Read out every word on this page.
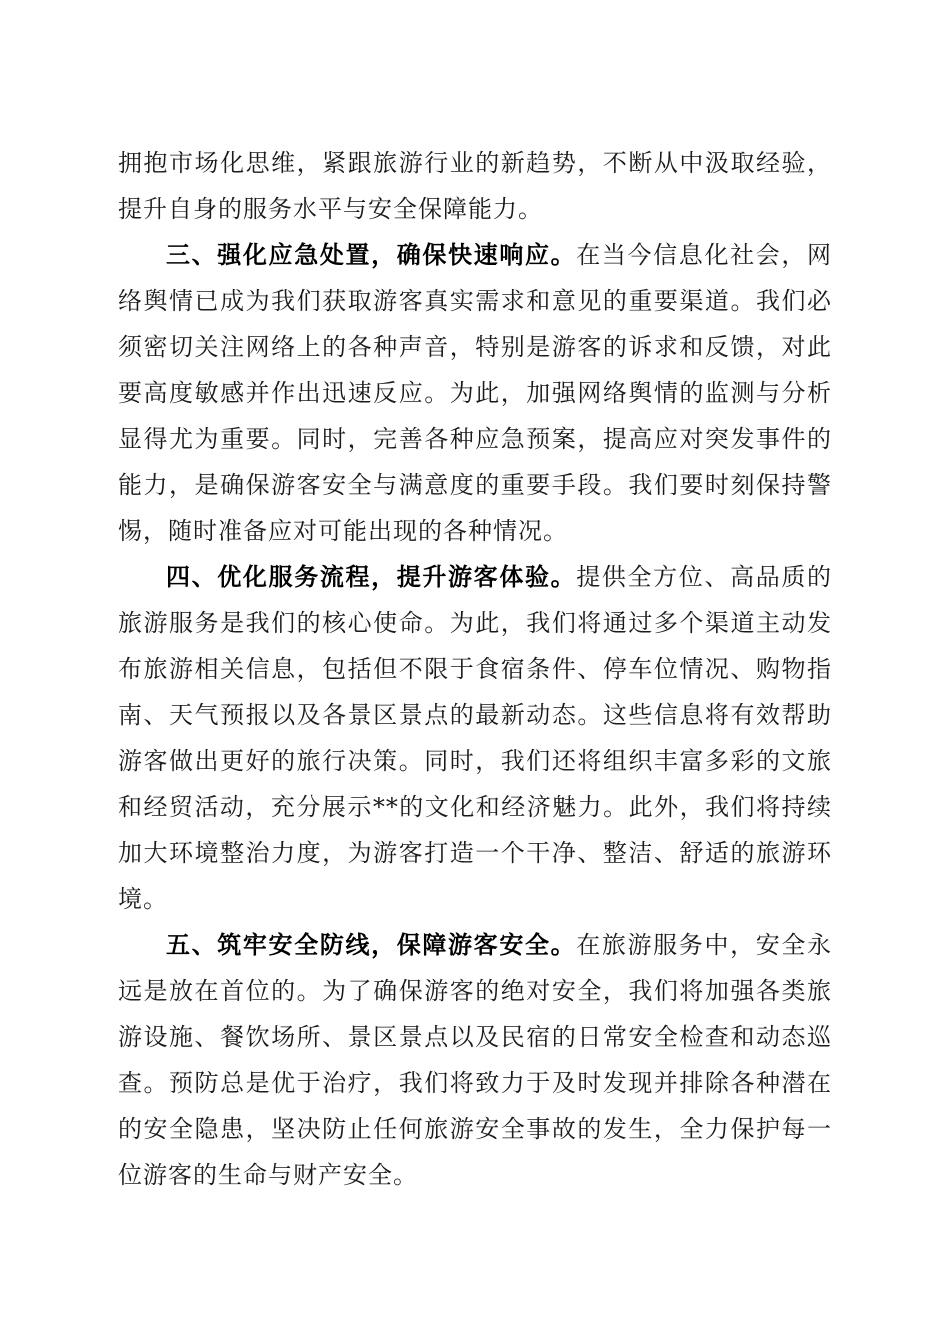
拥抱市场化思维，紧跟旅游行业的新趋势，不断从中汲取经验，提升自身的服务水平与安全保障能力。

三、强化应急处置，确保快速响应。在当今信息化社会，网络舆情已成为我们获取游客真实需求和意见的重要渠道。我们必须密切关注网络上的各种声音，特别是游客的诉求和反馈，对此要高度敏感并作出迅速反应。为此，加强网络舆情的监测与分析显得尤为重要。同时，完善各种应急预案，提高应对突发事件的能力，是确保游客安全与满意度的重要手段。我们要时刻保持警惕，随时准备应对可能出现的各种情况。

四、优化服务流程，提升游客体验。提供全方位、高品质的旅游服务是我们的核心使命。为此，我们将通过多个渠道主动发布旅游相关信息，包括但不限于食宿条件、停车位情况、购物指南、天气预报以及各景区景点的最新动态。这些信息将有效帮助游客做出更好的旅行决策。同时，我们还将组织丰富多彩的文旅和经贸活动，充分展示**的文化和经济魅力。此外，我们将持续加大环境整治力度，为游客打造一个干净、整洁、舒适的旅游环境。

五、筑牢安全防线，保障游客安全。在旅游服务中，安全永远是放在首位的。为了确保游客的绝对安全，我们将加强各类旅游设施、餐饮场所、景区景点以及民宿的日常安全检查和动态巡查。预防总是优于治疗，我们将致力于及时发现并排除各种潜在的安全隐患，坚决防止任何旅游安全事故的发生，全力保护每一位游客的生命与财产安全。
